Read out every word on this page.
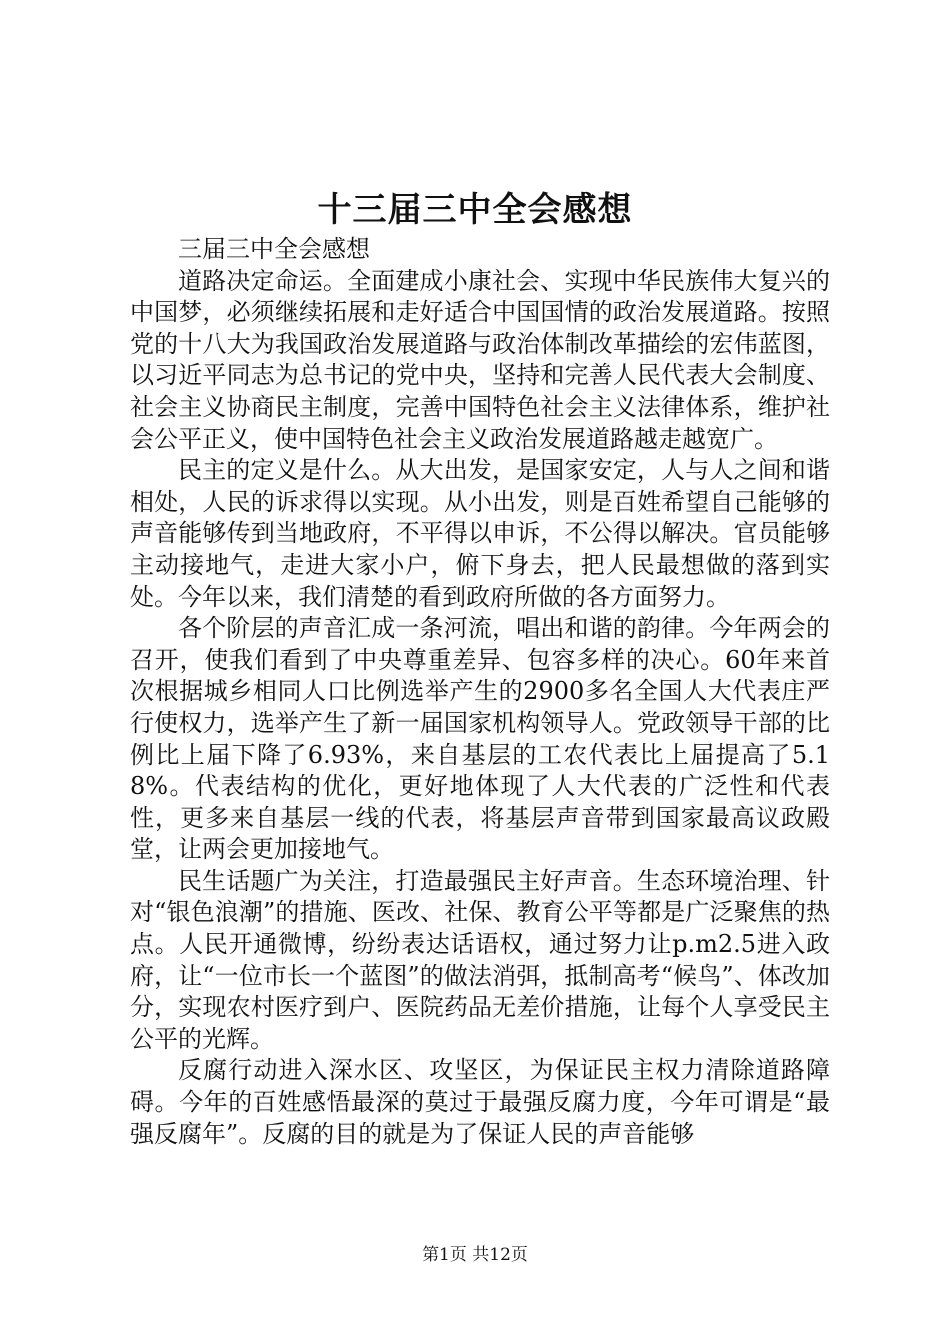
十三届三中全会感想

三届三中全会感想

道路决定命运。全面建成小康社会、实现中华民族伟大复兴的中国梦，必须继续拓展和走好适合中国国情的政治发展道路。按照党的十八大为我国政治发展道路与政治体制改革描绘的宏伟蓝图，以习近平同志为总书记的党中央，坚持和完善人民代表大会制度、社会主义协商民主制度，完善中国特色社会主义法律体系，维护社会公平正义，使中国特色社会主义政治发展道路越走越宽广。

民主的定义是什么。从大出发，是国家安定，人与人之间和谐相处，人民的诉求得以实现。从小出发，则是百姓希望自己能够的声音能够传到当地政府，不平得以申诉，不公得以解决。官员能够主动接地气，走进大家小户，俯下身去，把人民最想做的落到实处。今年以来，我们清楚的看到政府所做的各方面努力。

各个阶层的声音汇成一条河流，唱出和谐的韵律。今年两会的召开，使我们看到了中央尊重差异、包容多样的决心。60年来首次根据城乡相同人口比例选举产生的2900多名全国人大代表庄严行使权力，选举产生了新一届国家机构领导人。党政领导干部的比例比上届下降了6.93%，来自基层的工农代表比上届提高了5.18%。代表结构的优化，更好地体现了人大代表的广泛性和代表性，更多来自基层一线的代表，将基层声音带到国家最高议政殿堂，让两会更加接地气。

民生话题广为关注，打造最强民主好声音。生态环境治理、针对“银色浪潮”的措施、医改、社保、教育公平等都是广泛聚焦的热点。人民开通微博，纷纷表达话语权，通过努力让p.m2.5进入政府，让“一位市长一个蓝图”的做法消弭，抵制高考“候鸟”、体改加分，实现农村医疗到户、医院药品无差价措施，让每个人享受民主公平的光辉。

反腐行动进入深水区、攻坚区，为保证民主权力清除道路障碍。今年的百姓感悟最深的莫过于最强反腐力度，今年可谓是“最强反腐年”。反腐的目的就是为了保证人民的声音能够

第1页 共12页
